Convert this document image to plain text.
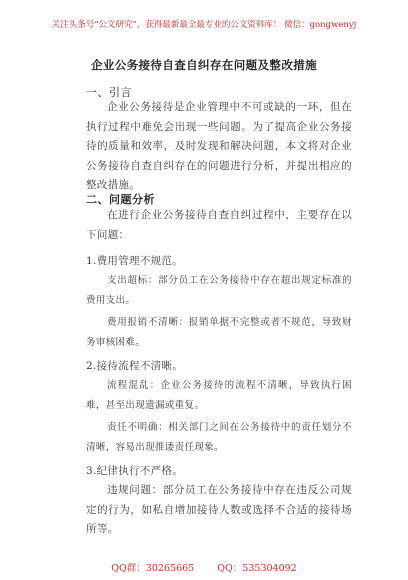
关注头条号“公文研究”，获得最新最全最专业的公文资料库！ 微信：gongwenyj
企业公务接待自查自纠存在问题及整改措施
一、引言

企业公务接待是企业管理中不可或缺的一环，但在执行过程中难免会出现一些问题。为了提高企业公务接待的质量和效率，及时发现和解决问题，本文将对企业公务接待自查自纠存在的问题进行分析，并提出相应的整改措施。

二、问题分析

在进行企业公务接待自查自纠过程中，主要存在以下问题：

1.费用管理不规范。

支出超标：部分员工在公务接待中存在超出规定标准的费用支出。

费用报销不清晰：报销单据不完整或者不规范，导致财务审核困难。

2.接待流程不清晰。

流程混乱：企业公务接待的流程不清晰，导致执行困难，甚至出现遗漏或重复。

责任不明确：相关部门之间在公务接待中的责任划分不清晰，容易出现推诿责任现象。

3.纪律执行不严格。

违规问题：部分员工在公务接待中存在违反公司规定的行为，如私自增加接待人数或选择不合适的接待场所等。

QQ群：30265665 QQ：535304092
